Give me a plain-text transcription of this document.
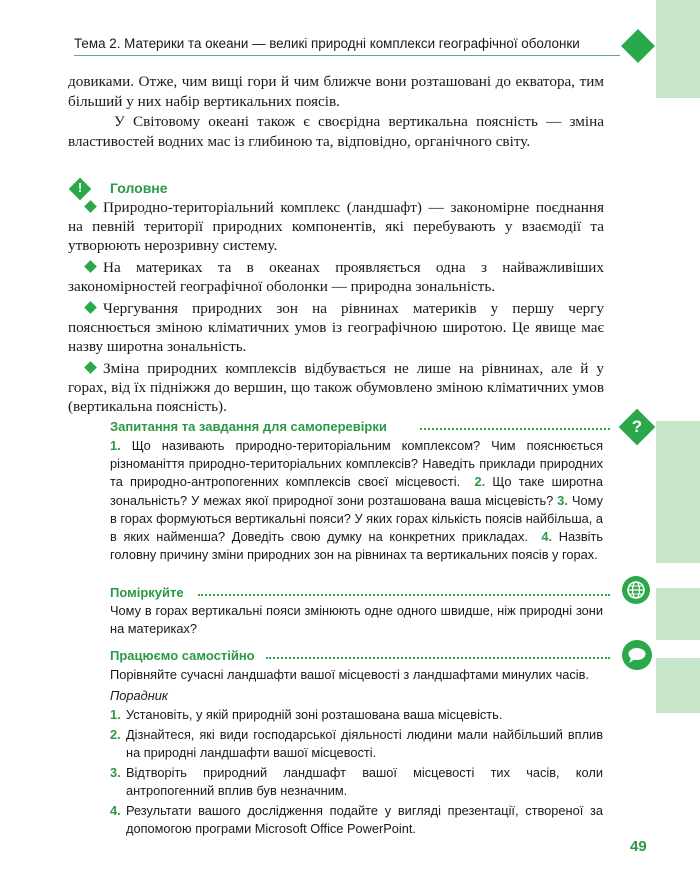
?
Тема 2. Материки та океани — великі природні комплекси географічної оболонки

довиками. Отже, чим вищі гори й чим ближче вони розташовані до екватора, тим більший у них набір вертикальних поясів.

У Світовому океані також є своєрідна вертикальна поясність — зміна властивостей водних мас із глибиною та, відповідно, органічного світу.

!	Головне

Природно-територіальний комплекс (ландшафт) — закономірне поєднання на певній території природних компонентів, які перебувають у взаємодії та утворюють нерозривну систему.

На материках та в океанах проявляється одна з найважливіших закономірностей географічної оболонки — природна зональність.

Чергування природних зон на рівнинах материків у першу чергу пояснюється зміною кліматичних умов із географічною широтою. Це явище має назву широтна зональність.

Зміна природних комплексів відбувається не лише на рівнинах, але й у горах, від їх підніжжя до вершин, що також обумовлено зміною кліматичних умов (вертикальна поясність).

Запитання та завдання для самоперевірки
1. Що називають природно-територіальним комплексом? Чим пояснюється різноманіття природно-територіальних комплексів? Наведіть приклади природних та природно-антропогенних комплексів своєї місцевості. 2. Що таке широтна зональність? У межах якої природної зони розташована ваша місцевість? 3. Чому в горах формуються вертикальні пояси? У яких горах кількість поясів найбільша, а в яких найменша? Доведіть свою думку на конкретних прикладах. 4. Назвіть головну причину зміни природних зон на рівнинах та вертикальних поясів у горах.
Поміркуйте
Чому в горах вертикальні пояси змінюють одне одного швидше, ніж природні зони на материках?
Працюємо самостійно
Порівняйте сучасні ландшафти вашої місцевості з ландшафтами минулих часів.
Порадник
1. Установіть, у якій природній зоні розташована ваша місцевість.
2. Дізнайтеся, які види господарської діяльності людини мали найбільший вплив на природні ландшафти вашої місцевості.
3. Відтворіть природний ландшафт вашої місцевості тих часів, коли антропогенний вплив був незначним.
4. Результати вашого дослідження подайте у вигляді презентації, створеної за допомогою програми Microsoft Office PowerPoint.
49
